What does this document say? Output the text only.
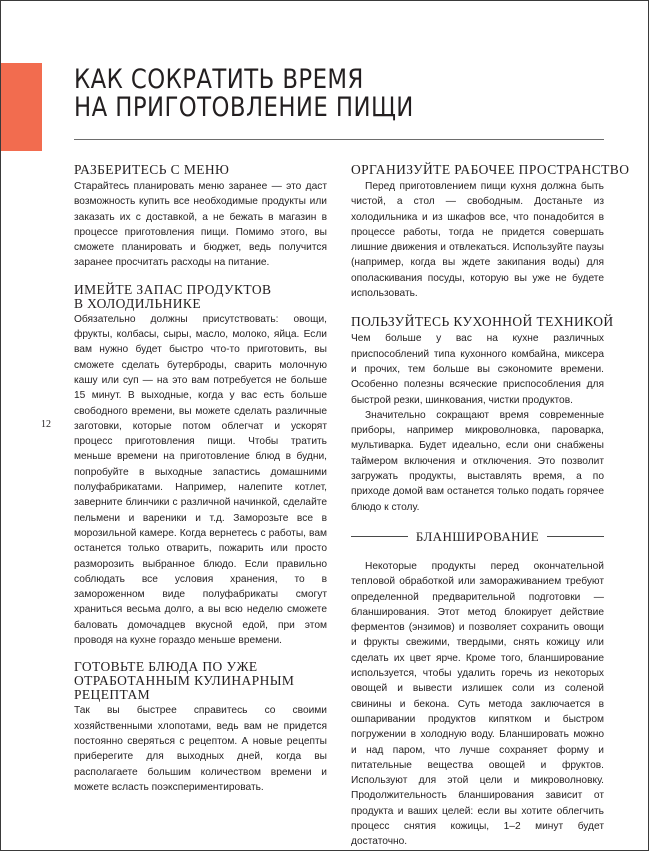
КАК СОКРАТИТЬ ВРЕМЯ
НА ПРИГОТОВЛЕНИЕ ПИЩИ
12
РАЗБЕРИТЕСЬ С МЕНЮ

Старайтесь планировать меню заранее — это даст возможность купить все необходимые продукты или заказать их с доставкой, а не бежать в магазин в процессе приготовления пищи. Помимо этого, вы сможете планировать и бюджет, ведь получится заранее просчитать расходы на питание.

ИМЕЙТЕ ЗАПАС ПРОДУКТОВ
В ХОЛОДИЛЬНИКЕ

Обязательно должны присутствовать: овощи, фрукты, колбасы, сыры, масло, молоко, яйца. Если вам нужно будет быстро что-то приготовить, вы сможете сделать бутерброды, сварить молочную кашу или суп — на это вам потребуется не больше 15 минут. В выходные, когда у вас есть больше свободного времени, вы можете сделать различные заготовки, которые потом облегчат и ускорят процесс приготовления пищи. Чтобы тратить меньше времени на приготовление блюд в будни, попробуйте в выходные запастись домашними полуфабрикатами. Например, налепите котлет, заверните блинчики с различной начинкой, сделайте пельмени и вареники и т.д. Заморозьте все в морозильной камере. Когда вернетесь с работы, вам останется только отварить, пожарить или просто разморозить выбранное блюдо. Если правильно соблюдать все условия хранения, то в замороженном виде полуфабрикаты смогут храниться весьма долго, а вы всю неделю сможете баловать домочадцев вкусной едой, при этом проводя на кухне гораздо меньше времени.

ГОТОВЬТЕ БЛЮДА ПО УЖЕ
ОТРАБОТАННЫМ КУЛИНАРНЫМ
РЕЦЕПТАМ

Так вы быстрее справитесь со своими хозяйственными хлопотами, ведь вам не придется постоянно сверяться с рецептом. А новые рецепты приберегите для выходных дней, когда вы располагаете большим количеством времени и можете всласть поэкспериментировать.

ОРГАНИЗУЙТЕ РАБОЧЕЕ ПРОСТРАНСТВО

Перед приготовлением пищи кухня должна быть чистой, а стол — свободным. Достаньте из холодильника и из шкафов все, что понадобится в процессе работы, тогда не придется совершать лишние движения и отвлекаться. Используйте паузы (например, когда вы ждете закипания воды) для ополаскивания посуды, которую вы уже не будете использовать.

ПОЛЬЗУЙТЕСЬ КУХОННОЙ ТЕХНИКОЙ

Чем больше у вас на кухне различных приспособлений типа кухонного комбайна, миксера и прочих, тем больше вы сэкономите времени. Особенно полезны всяческие приспособления для быстрой резки, шинкования, чистки продуктов.

Значительно сокращают время современные приборы, например микроволновка, пароварка, мультиварка. Будет идеально, если они снабжены таймером включения и отключения. Это позволит загружать продукты, выставлять время, а по приходе домой вам останется только подать горячее блюдо к столу.

БЛАНШИРОВАНИЕ

Некоторые продукты перед окончательной тепловой обработкой или замораживанием требуют определенной предварительной подготовки — бланширования. Этот метод блокирует действие ферментов (энзимов) и позволяет сохранить овощи и фрукты свежими, твердыми, снять кожицу или сделать их цвет ярче. Кроме того, бланширование используется, чтобы удалить горечь из некоторых овощей и вывести излишек соли из соленой свинины и бекона. Суть метода заключается в ошпаривании продуктов кипятком и быстром погружении в холодную воду. Бланшировать можно и над паром, что лучше сохраняет форму и питательные вещества овощей и фруктов. Используют для этой цели и микроволновку. Продолжительность бланширования зависит от продукта и ваших целей: если вы хотите облегчить процесс снятия кожицы, 1–2 минут будет достаточно.
